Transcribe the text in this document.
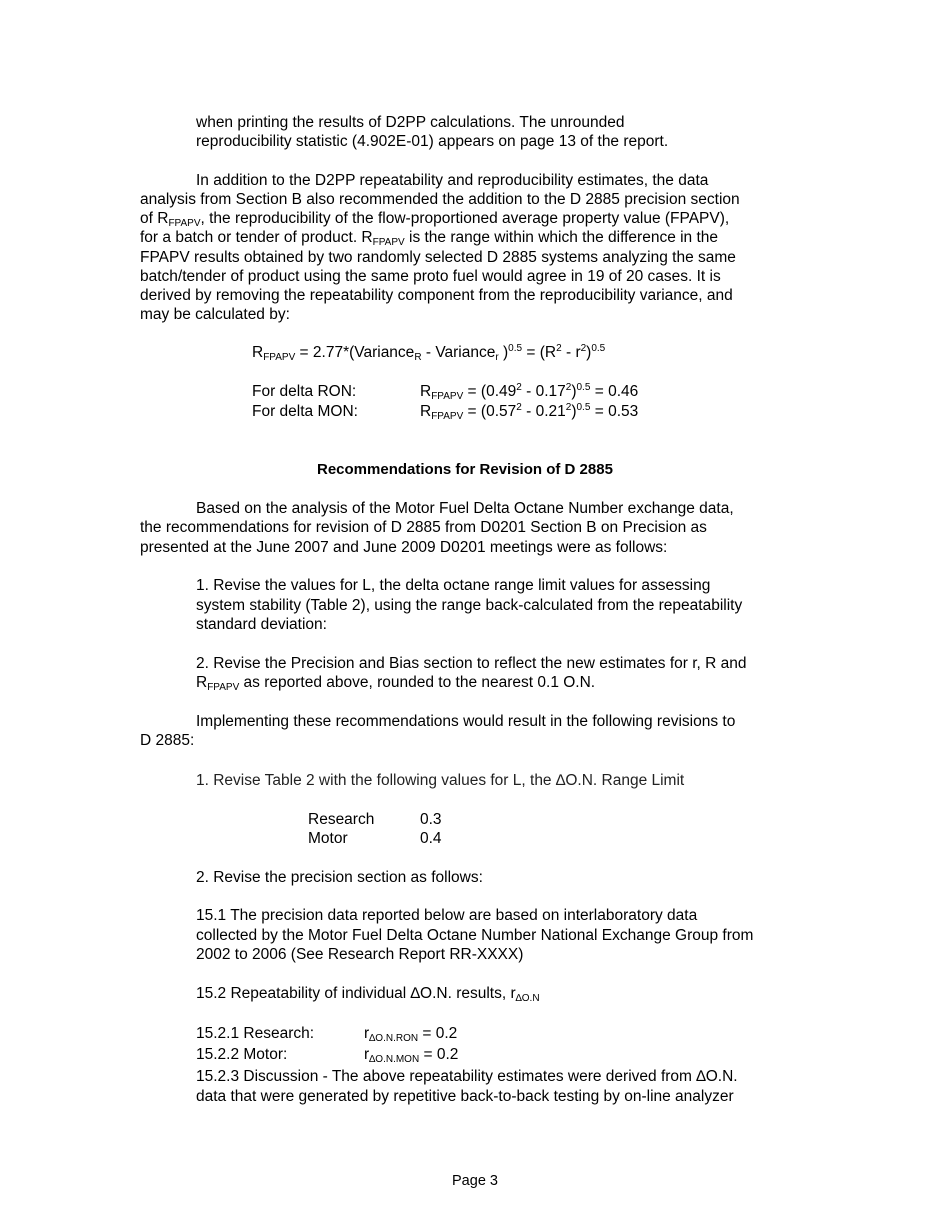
when printing the results of D2PP calculations. The unrounded
reproducibility statistic (4.902E-01) appears on page 13 of the report.
In addition to the D2PP repeatability and reproducibility estimates, the data
analysis from Section B also recommended the addition to the D 2885 precision section
of $R_{FPAPV}$, the reproducibility of the flow-proportioned average property value (FPAPV),
for a batch or tender of product. $R_{FPAPV}$ is the range within which the difference in the
FPAPV results obtained by two randomly selected D 2885 systems analyzing the same
batch/tender of product using the same proto fuel would agree in 19 of 20 cases. It is
derived by removing the repeatability component from the reproducibility variance, and
may be calculated by:
$R_{FPAPV}$ = 2.77*(Variance$_R$ - Variance$_r$ )$^{0.5} = (R^2 - r^2)^{0.5}$
For delta RON:	$R_{FPAPV} = (0.49^2 - 0.17^2)^{0.5} = 0.46$
For delta MON:	$R_{FPAPV} = (0.57^2 - 0.21^2)^{0.5} = 0.53$
Recommendations for Revision of D 2885
Based on the analysis of the Motor Fuel Delta Octane Number exchange data,
the recommendations for revision of D 2885 from D0201 Section B on Precision as
presented at the June 2007 and June 2009 D0201 meetings were as follows:
1. Revise the values for L, the delta octane range limit values for assessing
system stability (Table 2), using the range back-calculated from the repeatability
standard deviation:
2. Revise the Precision and Bias section to reflect the new estimates for r, R and
$R_{FPAPV}$ as reported above, rounded to the nearest 0.1 O.N.
Implementing these recommendations would result in the following revisions to
D 2885:
1. Revise Table 2 with the following values for L, the ∆O.N. Range Limit
Research	0.3
Motor	0.4
2. Revise the precision section as follows:
15.1 The precision data reported below are based on interlaboratory data
collected by the Motor Fuel Delta Octane Number National Exchange Group from
2002 to 2006 (See Research Report RR-XXXX)
15.2 Repeatability of individual ∆O.N. results, $r_{\Delta O.N}$
15.2.1 Research:	$r_{\Delta O.N.RON} = 0.2$
15.2.2 Motor:	$r_{\Delta O.N.MON} = 0.2$
15.2.3 Discussion - The above repeatability estimates were derived from ∆O.N.
data that were generated by repetitive back-to-back testing by on-line analyzer
Page 3
